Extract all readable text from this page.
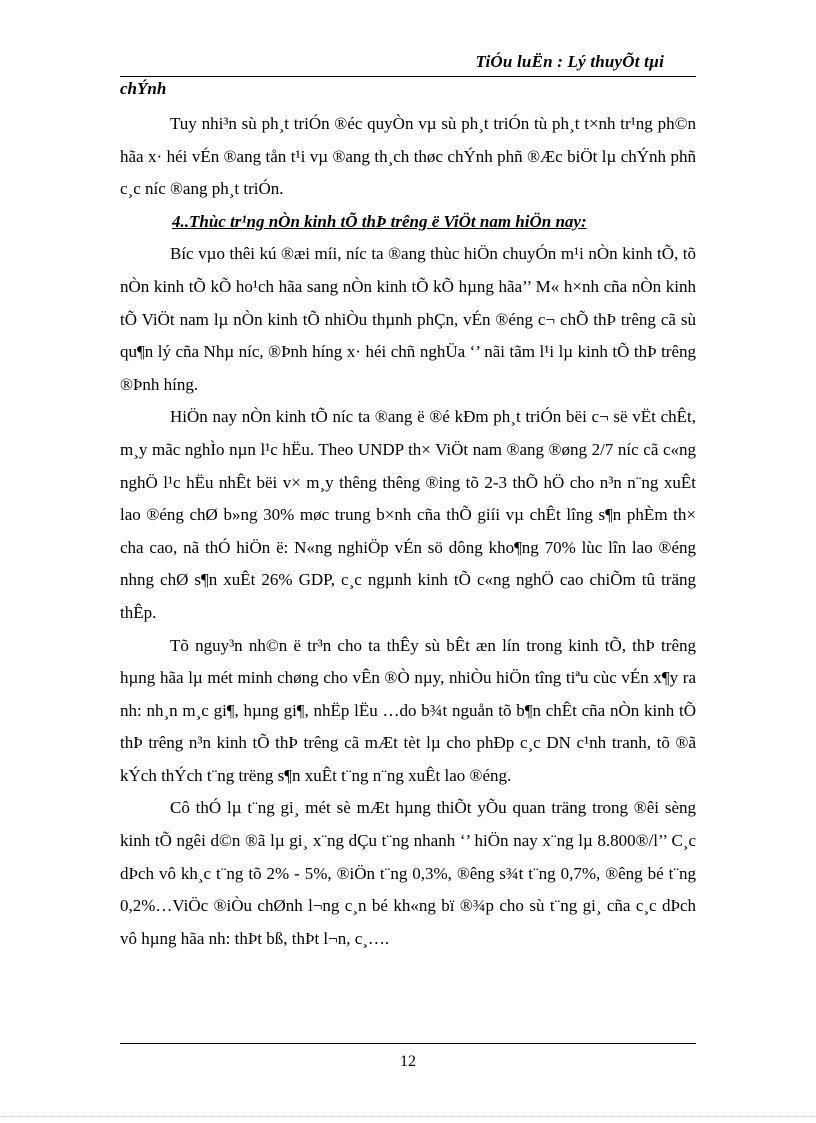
TiÓu luËn : Lý thuyÕt tµi

chÝnh

Tuy nhi³n sù ph¸t triÓn ®éc quyÒn vµ sù ph¸t triÓn tù ph¸t t×nh tr¹ng ph©n hãa x· héi vÉn ®ang tån t¹i vµ ®ang th¸ch thøc chÝnh phñ ®Æc biÖt lµ chÝnh phñ c¸c níc ®ang ph¸t triÓn.

4..Thùc tr¹ng nÒn kinh tÕ thÞ trêng ë ViÖt nam hiÖn nay:

Bíc vµo thêi kú ®æi míi, níc ta ®ang thùc hiÖn chuyÓn m¹i nÒn kinh tÕ, tõ nÒn kinh tÕ kÕ ho¹ch hãa sang nÒn kinh tÕ kÕ hµng hãa’’ M« h×nh cña nÒn kinh tÕ ViÖt nam lµ nÒn kinh tÕ nhiÒu thµnh phÇn, vÉn ®éng c¬ chÕ thÞ trêng cã sù qu¶n lý cña Nhµ níc, ®Þnh híng x· héi chñ nghÜa ‘’ nãi tãm l¹i lµ kinh tÕ thÞ trêng ®Þnh híng.

HiÖn nay nÒn kinh tÕ níc ta ®ang ë ®é kÐm ph¸t triÓn bëi c¬ së vËt chÊt, m¸y mãc nghÌo nµn l¹c hËu. Theo UNDP th× ViÖt nam ®ang ®øng 2/7 níc cã c«ng nghÖ l¹c hËu nhÊt bëi v× m¸y thêng thêng ®ing tõ 2-3 thÕ hÖ cho n³n n¨ng xuÊt lao ®éng chØ b»ng 30% møc trung b×nh cña thÕ giíi vµ chÊt lîng s¶n phÈm th× cha cao, nã thÓ hiÖn ë: N«ng nghiÖp vÉn sö dông kho¶ng 70% lùc lîn lao ®éng nhng chØ s¶n xuÊt 26% GDP, c¸c ngµnh kinh tÕ c«ng nghÖ cao chiÕm tû träng thÊp.

Tõ nguy³n nh©n ë tr³n cho ta thÊy sù bÊt æn lín trong kinh tÕ, thÞ trêng hµng hãa lµ mét minh chøng cho vÊn ®Ò nµy, nhiÒu hiÖn tîng tiªu cùc vÉn x¶y ra nh: nh¸n m¸c gi¶, hµng gi¶, nhËp lËu …do b¾t nguån tõ b¶n chÊt cña nÒn kinh tÕ thÞ trêng n³n kinh tÕ thÞ trêng cã mÆt tèt lµ cho phÐp c¸c DN c¹nh tranh, tõ ®ã kÝch thÝch t¨ng trëng s¶n xuÊt t¨ng n¨ng xuÊt lao ®éng.

Cô thÓ lµ t¨ng gi¸ mét sè mÆt hµng thiÕt yÕu quan träng trong ®êi sèng kinh tÕ ngêi d©n ®ã lµ gi¸ x¨ng dÇu t¨ng nhanh ‘’ hiÖn nay x¨ng lµ 8.800®/l’’ C¸c dÞch vô kh¸c t¨ng tõ 2% - 5%, ®iÖn t¨ng 0,3%, ®êng s¾t t¨ng 0,7%, ®êng bé t¨ng 0,2%…ViÖc ®iÒu chØnh l¬ng c¸n bé kh«ng bï ®¾p cho sù t¨ng gi¸ cña c¸c dÞch vô hµng hãa nh: thÞt bß, thÞt l¬n, c¸….

12
